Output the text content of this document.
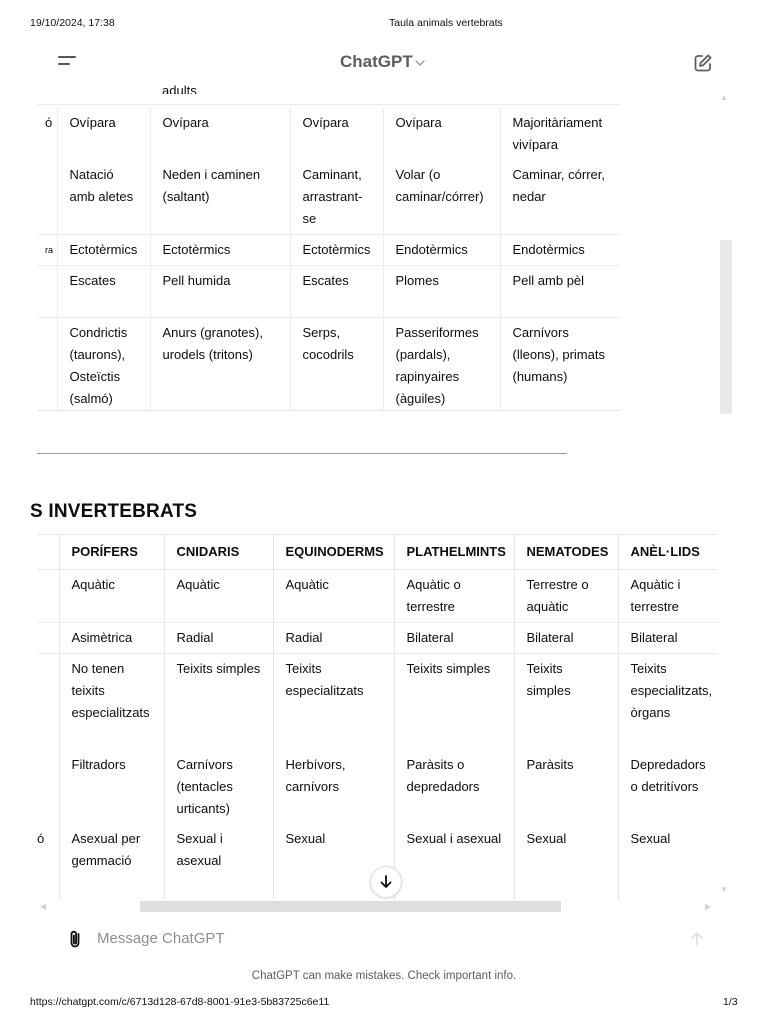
19/10/2024, 17:38	Taula animals vertebrats
ChatGPT
adults
ó	Ovípara	Ovípara	Ovípara	Ovípara	Majoritàriament vivípara
	Natació amb aletes	Neden i caminen (saltant)	Caminant, arrastrant-se	Volar (o caminar/córrer)	Caminar, córrer, nedar
ra	Ectotèrmics	Ectotèrmics	Ectotèrmics	Endotèrmics	Endotèrmics
	Escates	Pell humida	Escates	Plomes	Pell amb pèl
	Condrictis (taurons), Osteïctis (salmó)	Anurs (granotes), urodels (tritons)	Serps, cocodrils	Passeriformes (pardals), rapinyaires (àguiles)	Carnívors (lleons), primats (humans)
▲
S INVERTEBRATS
	PORÍFERS	CNIDARIS	EQUINODERMS	PLATHELMINTS	NEMATODES	ANÈL·LIDS
	Aquàtic	Aquàtic	Aquàtic	Aquàtic o terrestre	Terrestre o aquàtic	Aquàtic i terrestre
	Asimètrica	Radial	Radial	Bilateral	Bilateral	Bilateral
	No tenen teixits especialitzats	Teixits simples	Teixits especialitzats	Teixits simples	Teixits simples	Teixits especialitzats, òrgans
	Filtradors	Carnívors (tentacles urticants)	Herbívors, carnívors	Paràsits o depredadors	Paràsits	Depredadors o detritívors
ó	Asexual per gemmació	Sexual i asexual	Sexual	Sexual i asexual	Sexual	Sexual
◀	▶
▼
Message ChatGPT
ChatGPT can make mistakes. Check important info.
https://chatgpt.com/c/6713d128-67d8-8001-91e3-5b83725c6e11	1/3
